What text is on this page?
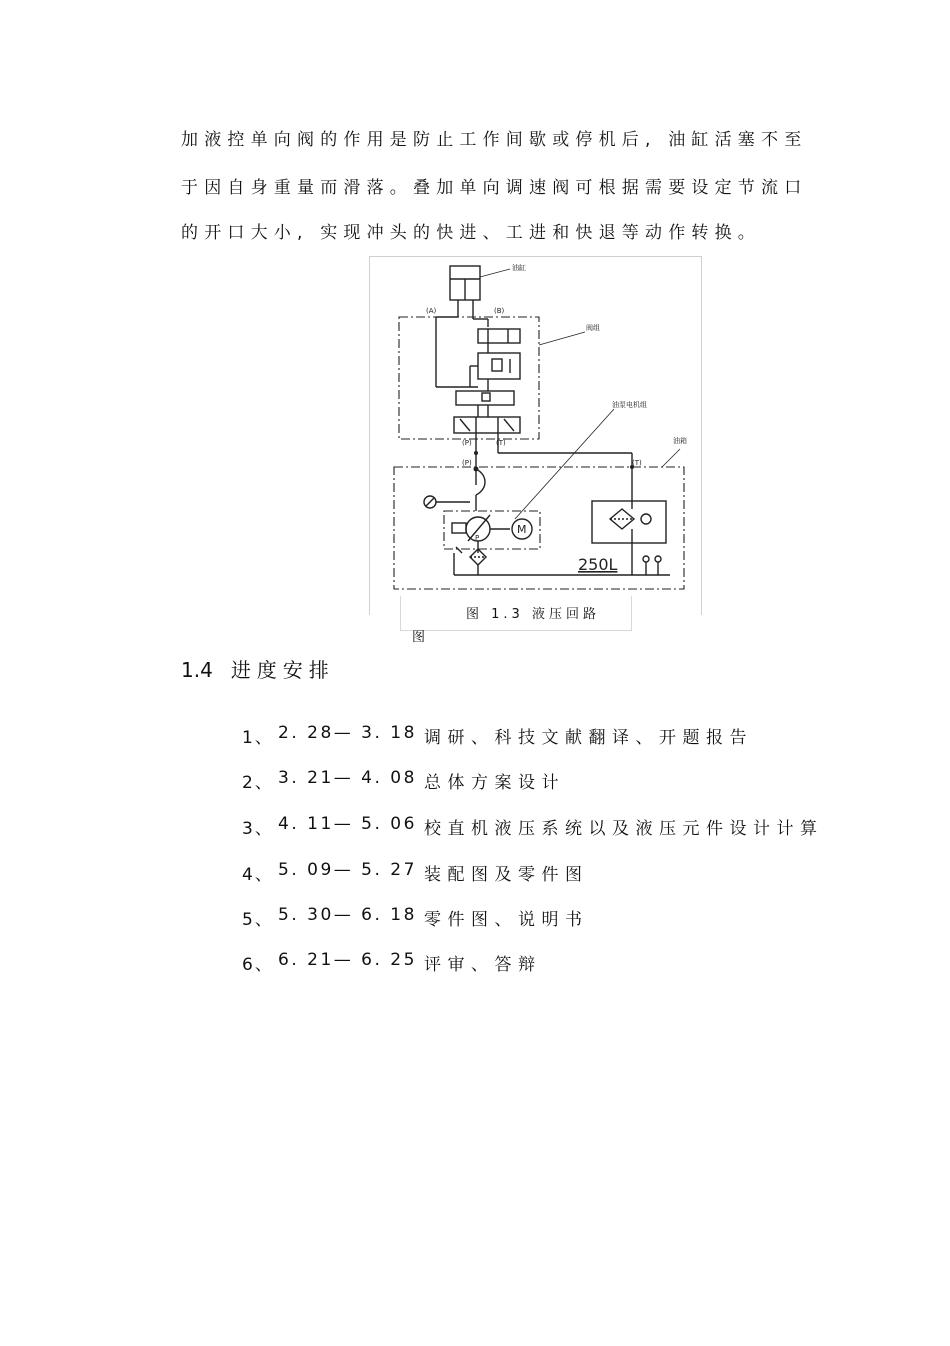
加液控单向阀的作用是防止工作间歇或停机后, 油缸活塞不至
于因自身重量而滑落。叠加单向调速阀可根据需要设定节流口
的开口大小, 实现冲头的快进、工进和快退等动作转换。
油缸
阀组
油泵电机组
油箱
(A)	(B)
(P)	(T)
(P)	(T)
P
M
250L
图 1.3 液压回路
图
1.4 进度安排
1、 2. 28— 3. 18 调研、科技文献翻译、开题报告
2、 3. 21— 4. 08 总体方案设计
3、 4. 11— 5. 06 校直机液压系统以及液压元件设计计算
4、 5. 09— 5. 27 装配图及零件图
5、 5. 30— 6. 18 零件图、说明书
6、 6. 21— 6. 25 评审、答辩
